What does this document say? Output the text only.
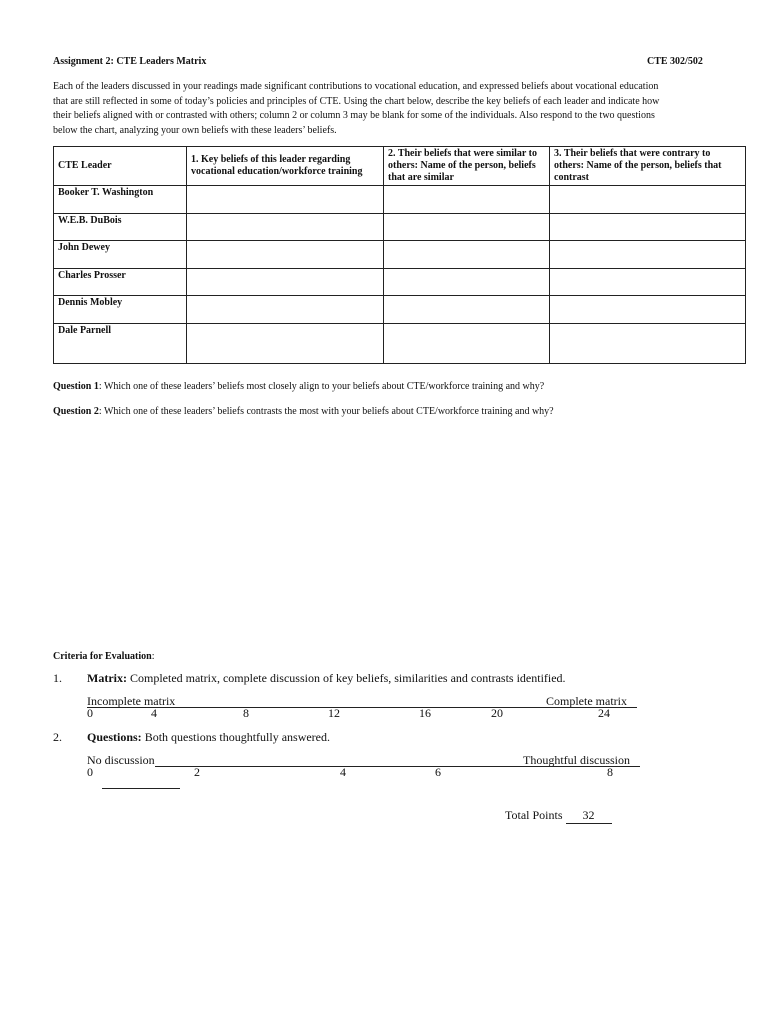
Assignment 2: CTE Leaders Matrix	CTE 302/502
Each of the leaders discussed in your readings made significant contributions to vocational education, and expressed beliefs about vocational education
that are still reflected in some of today’s policies and principles of CTE. Using the chart below, describe the key beliefs of each leader and indicate how
their beliefs aligned with or contrasted with others; column 2 or column 3 may be blank for some of the individuals. Also respond to the two questions
below the chart, analyzing your own beliefs with these leaders’ beliefs.
CTE Leader	1. Key beliefs of this leader regarding vocational education/workforce training	2. Their beliefs that were similar to others: Name of the person, beliefs that are similar	3. Their beliefs that were contrary to others: Name of the person, beliefs that contrast
Booker T. Washington			
W.E.B. DuBois			
John Dewey			
Charles Prosser			
Dennis Mobley			
Dale Parnell			
Question 1: Which one of these leaders’ beliefs most closely align to your beliefs about CTE/workforce training and why?
Question 2: Which one of these leaders’ beliefs contrasts the most with your beliefs about CTE/workforce training and why?
Criteria for Evaluation:
1. Matrix: Completed matrix, complete discussion of key beliefs, similarities and contrasts identified.
Incomplete matrix	Complete matrix
0	4	8	12	16	20	24
2. Questions: Both questions thoughtfully answered.
No discussion	Thoughtful discussion
0	2	4	6	8
Total Points 32
